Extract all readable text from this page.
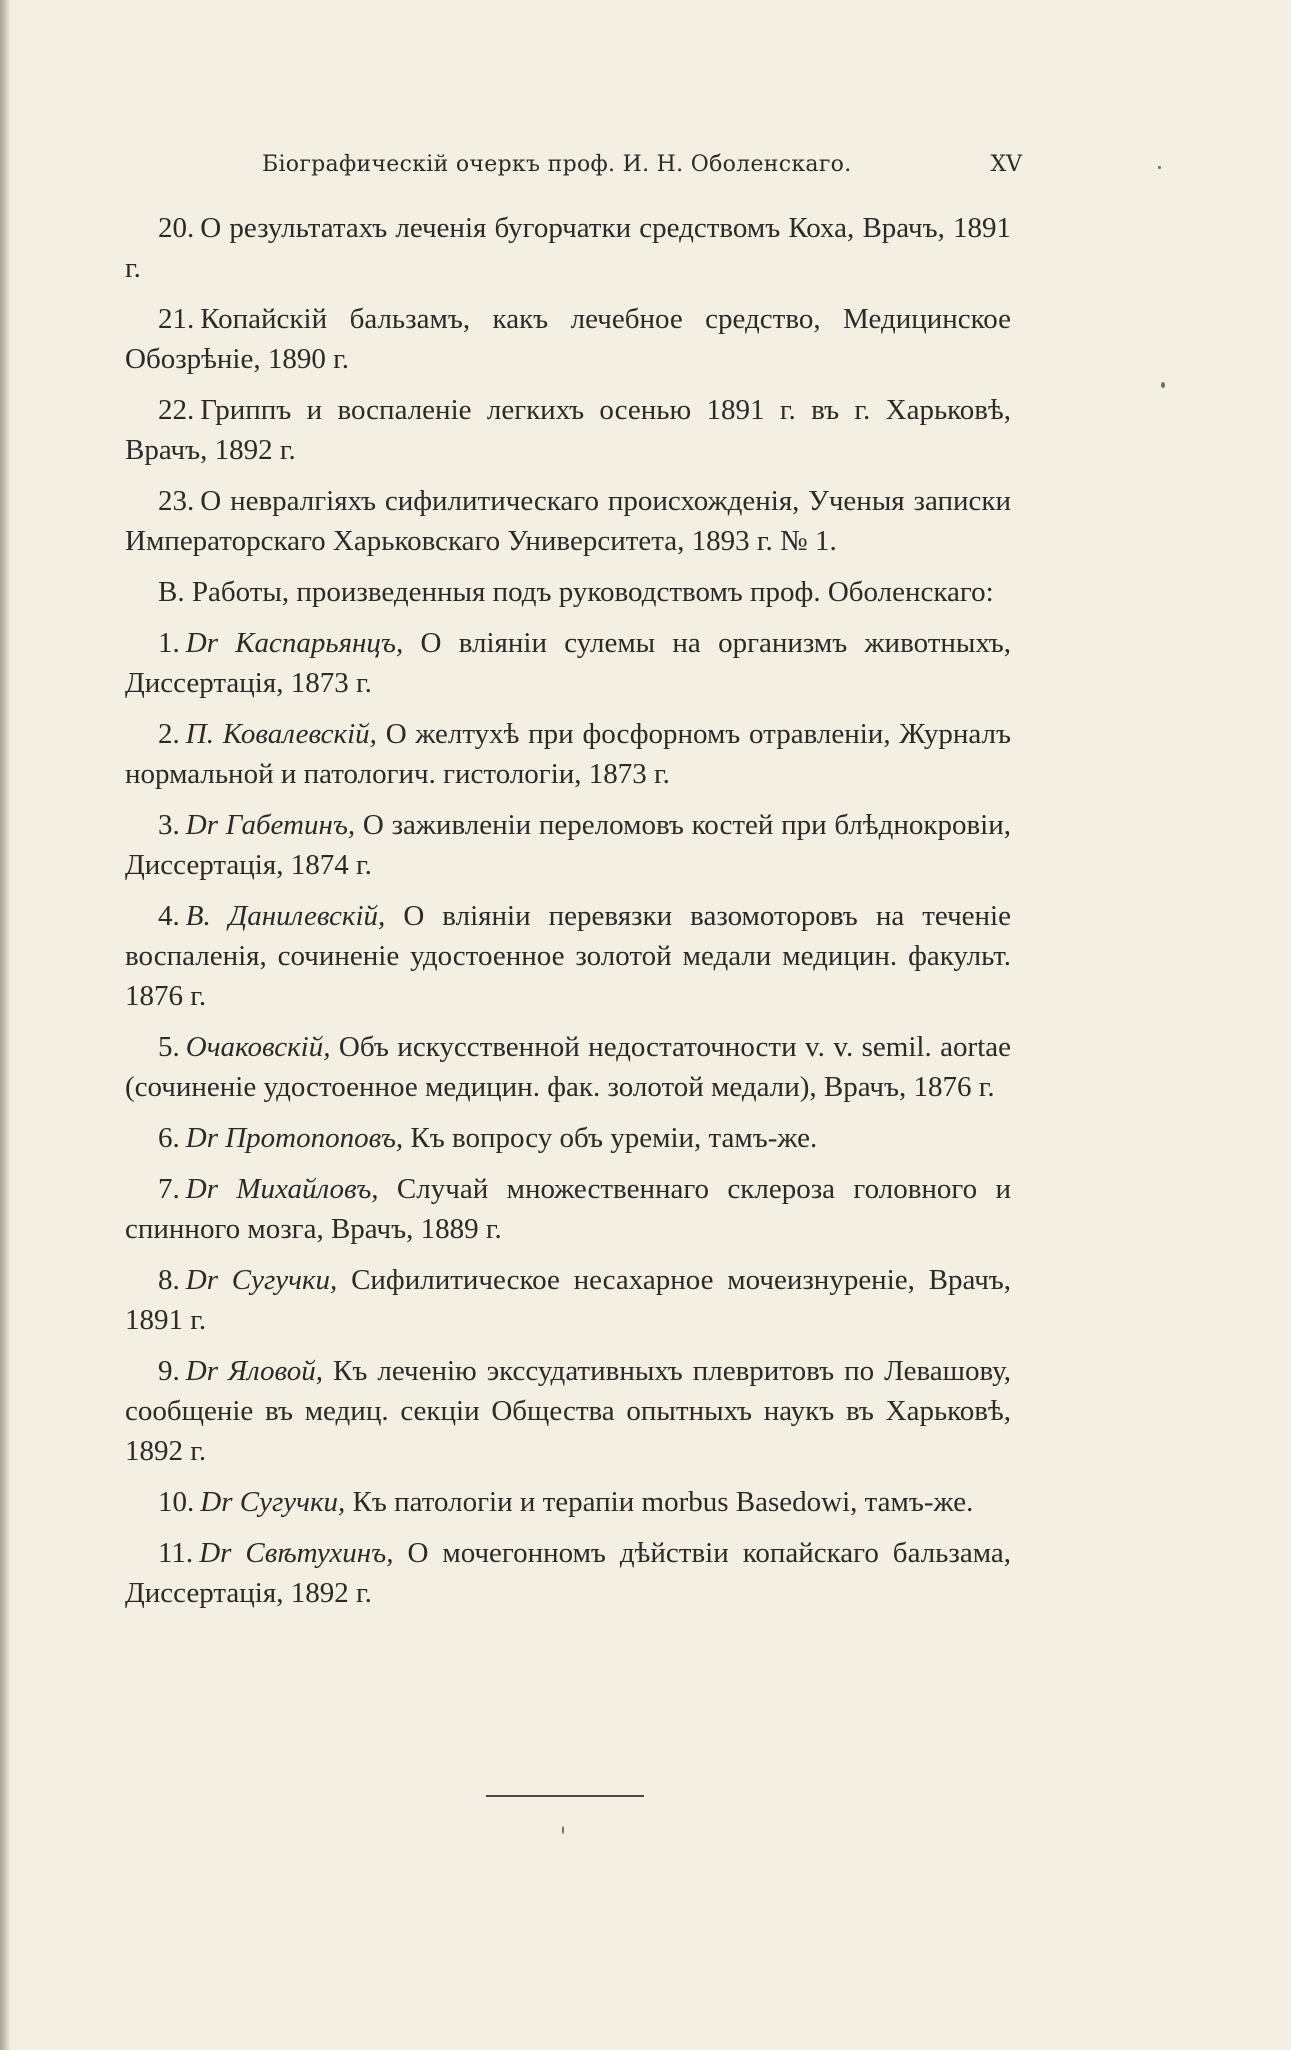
Біографическій очеркъ проф. И. Н. Оболенскаго.	XV

20. О результатахъ леченія бугорчатки средствомъ Коха, Врачъ, 1891 г.

21. Копайскій бальзамъ, какъ лечебное средство, Медицинское Обозрѣніе, 1890 г.

22. Гриппъ и воспаленіе легкихъ осенью 1891 г. въ г. Харьковѣ, Врачъ, 1892 г.

23. О невралгіяхъ сифилитическаго происхожденія, Ученыя записки Императорскаго Харьковскаго Университета, 1893 г. № 1.

В. Работы, произведенныя подъ руководствомъ проф. Оболенскаго:

1. Dr Каспарьянцъ, О вліяніи сулемы на организмъ животныхъ, Диссертація, 1873 г.

2. П. Ковалевскій, О желтухѣ при фосфорномъ отравленіи, Журналъ нормальной и патологич. гистологіи, 1873 г.

3. Dr Габетинъ, О заживленіи переломовъ костей при блѣднокровіи, Диссертація, 1874 г.

4. В. Данилевскій, О вліяніи перевязки вазомоторовъ на теченіе воспаленія, сочиненіе удостоенное золотой медали медицин. факульт. 1876 г.

5. Очаковскій, Объ искусственной недостаточности v. v. semil. aortae (сочиненіе удостоенное медицин. фак. золотой медали), Врачъ, 1876 г.

6. Dr Протопоповъ, Къ вопросу объ уреміи, тамъ-же.

7. Dr Михайловъ, Случай множественнаго склероза головного и спинного мозга, Врачъ, 1889 г.

8. Dr Сугучки, Сифилитическое несахарное мочеизнуреніе, Врачъ, 1891 г.

9. Dr Яловой, Къ леченію экссудативныхъ плевритовъ по Левашову, сообщеніе въ медиц. секціи Общества опытныхъ наукъ въ Харьковѣ, 1892 г.

10. Dr Сугучки, Къ патологіи и терапіи morbus Basedowi, тамъ-же.

11. Dr Свѣтухинъ, О мочегонномъ дѣйствіи копайскаго бальзама, Диссертація, 1892 г.
